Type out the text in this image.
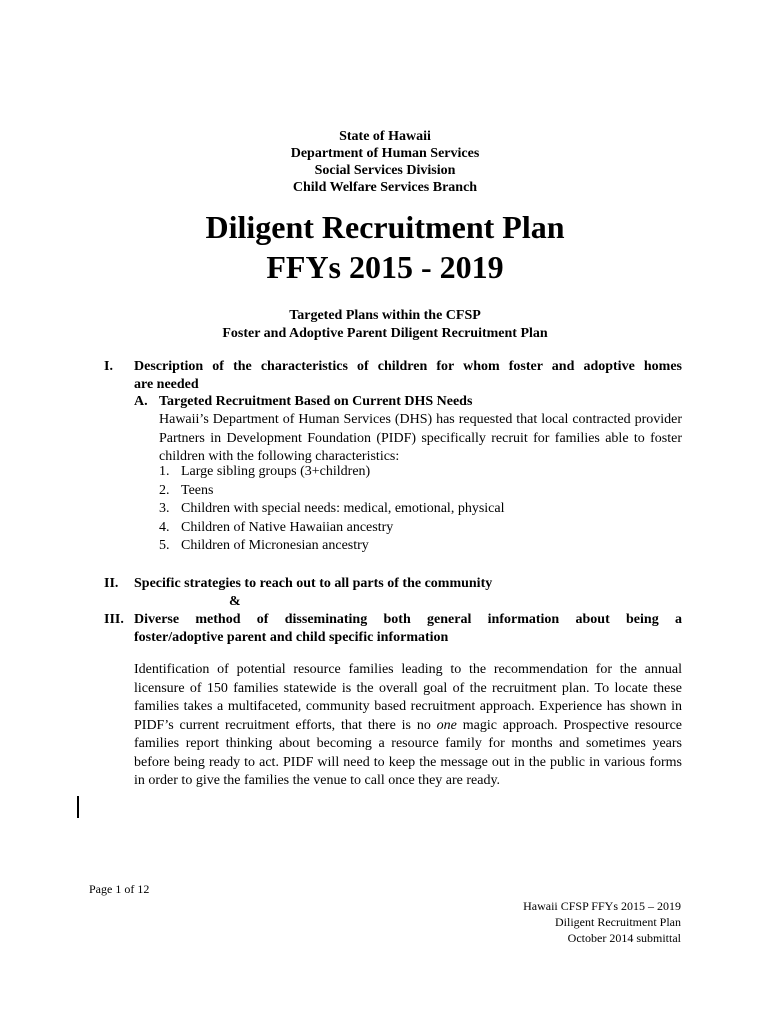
State of Hawaii
Department of Human Services
Social Services Division
Child Welfare Services Branch
Diligent Recruitment Plan
FFYs 2015 - 2019
Targeted Plans within the CFSP
Foster and Adoptive Parent Diligent Recruitment Plan
I.	Description of the characteristics of children for whom foster and adoptive homes
are needed
A. Targeted Recruitment Based on Current DHS Needs
Hawaii’s Department of Human Services (DHS) has requested that local contracted provider Partners in Development Foundation (PIDF) specifically recruit for families able to foster children with the following characteristics:
1. Large sibling groups (3+children)
2. Teens
3. Children with special needs: medical, emotional, physical
4. Children of Native Hawaiian ancestry
5. Children of Micronesian ancestry
II.	Specific strategies to reach out to all parts of the community
&
III. Diverse method of disseminating both general information about being a
foster/adoptive parent and child specific information
Identification of potential resource families leading to the recommendation for the annual licensure of 150 families statewide is the overall goal of the recruitment plan. To locate these families takes a multifaceted, community based recruitment approach. Experience has shown in PIDF’s current recruitment efforts, that there is no one magic approach. Prospective resource families report thinking about becoming a resource family for months and sometimes years before being ready to act. PIDF will need to keep the message out in the public in various forms in order to give the families the venue to call once they are ready.
Page 1 of 12
Hawaii CFSP FFYs 2015 – 2019
Diligent Recruitment Plan
October 2014 submittal
